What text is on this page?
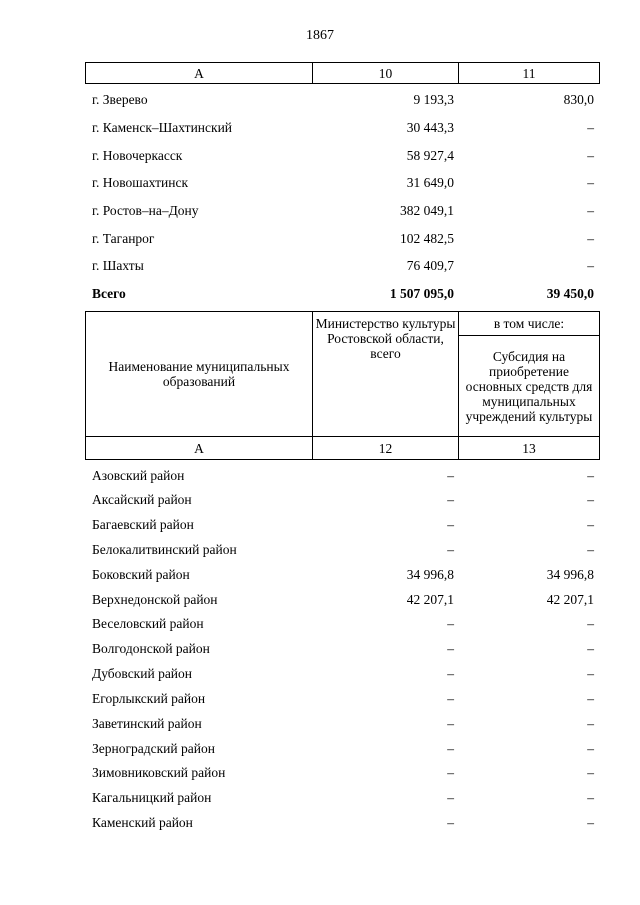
1867
А	10	11
г. Зверево	9 193,3	830,0
г. Каменск–Шахтинский	30 443,3	–
г. Новочеркасск	58 927,4	–
г. Новошахтинск	31 649,0	–
г. Ростов–на–Дону	382 049,1	–
г. Таганрог	102 482,5	–
г. Шахты	76 409,7	–
Всего	1 507 095,0	39 450,0
Наименование муниципальных образований	Министерство культуры Ростовской области, всего	в том числе:
		Субсидия на приобретение основных средств для муниципальных учреждений культуры
А	12	13
Азовский район	–	–
Аксайский район	–	–
Багаевский район	–	–
Белокалитвинский район	–	–
Боковский район	34 996,8	34 996,8
Верхнедонской район	42 207,1	42 207,1
Веселовский район	–	–
Волгодонской район	–	–
Дубовский район	–	–
Егорлыкский район	–	–
Заветинский район	–	–
Зерноградский район	–	–
Зимовниковский район	–	–
Кагальницкий район	–	–
Каменский район	–	–
